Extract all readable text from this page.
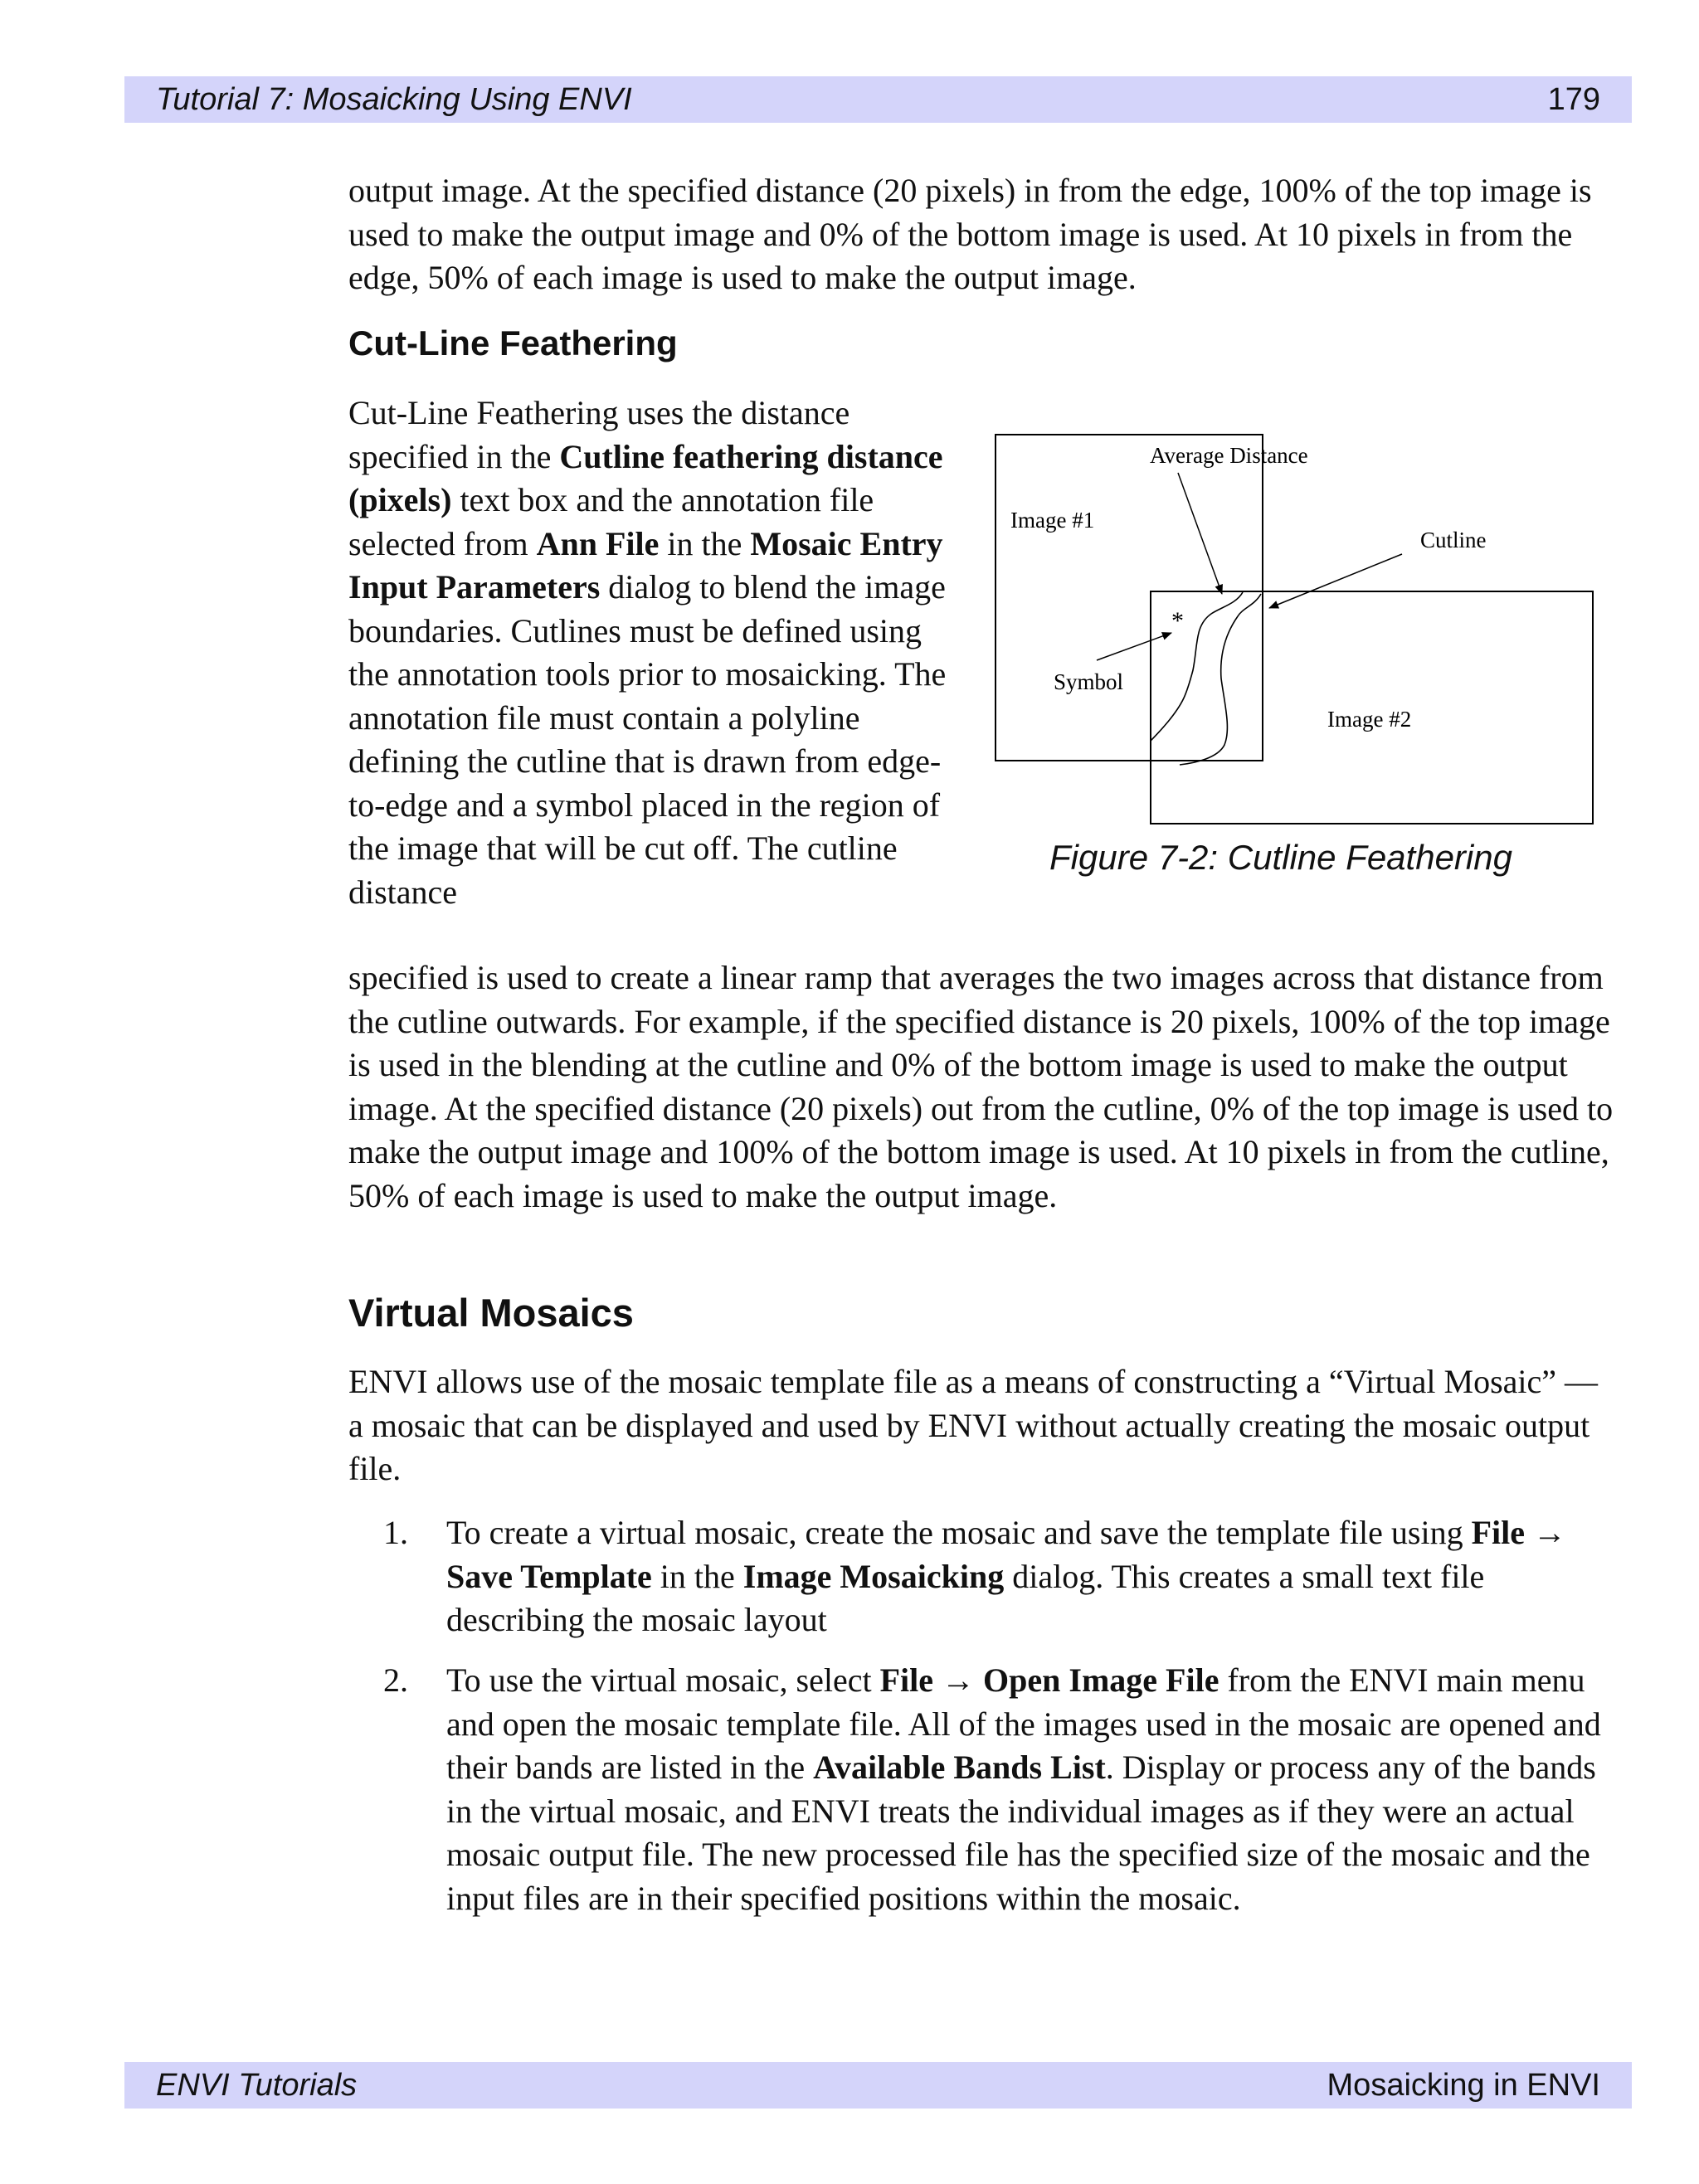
Tutorial 7: Mosaicking Using ENVI	179

output image. At the specified distance (20 pixels) in from the edge, 100% of the top image is used to make the output image and 0% of the bottom image is used. At 10 pixels in from the edge, 50% of each image is used to make the output image.

Cut-Line Feathering

Cut-Line Feathering uses the distance specified in the Cutline feathering distance (pixels) text box and the annotation file selected from Ann File in the Mosaic Entry Input Parameters dialog to blend the image boundaries. Cutlines must be defined using the annotation tools prior to mosaicking. The annotation file must contain a polyline defining the cutline that is drawn from edge-to-edge and a symbol placed in the region of the image that will be cut off. The cutline distance

specified is used to create a linear ramp that averages the two images across that distance from the cutline outwards. For example, if the specified distance is 20 pixels, 100% of the top image is used in the blending at the cutline and 0% of the bottom image is used to make the output image. At the specified distance (20 pixels) out from the cutline, 0% of the top image is used to make the output image and 100% of the bottom image is used. At 10 pixels in from the cutline, 50% of each image is used to make the output image.

Image #1
Average Distance
Cutline
Symbol
Image #2
*
Figure 7-2: Cutline Feathering
Virtual Mosaics

ENVI allows use of the mosaic template file as a means of constructing a “Virtual Mosaic” — a mosaic that can be displayed and used by ENVI without actually creating the mosaic output file.

1. To create a virtual mosaic, create the mosaic and save the template file using File → Save Template in the Image Mosaicking dialog. This creates a small text file describing the mosaic layout
2. To use the virtual mosaic, select File → Open Image File from the ENVI main menu and open the mosaic template file. All of the images used in the mosaic are opened and their bands are listed in the Available Bands List. Display or process any of the bands in the virtual mosaic, and ENVI treats the individual images as if they were an actual mosaic output file. The new processed file has the specified size of the mosaic and the input files are in their specified positions within the mosaic.
ENVI Tutorials	Mosaicking in ENVI
